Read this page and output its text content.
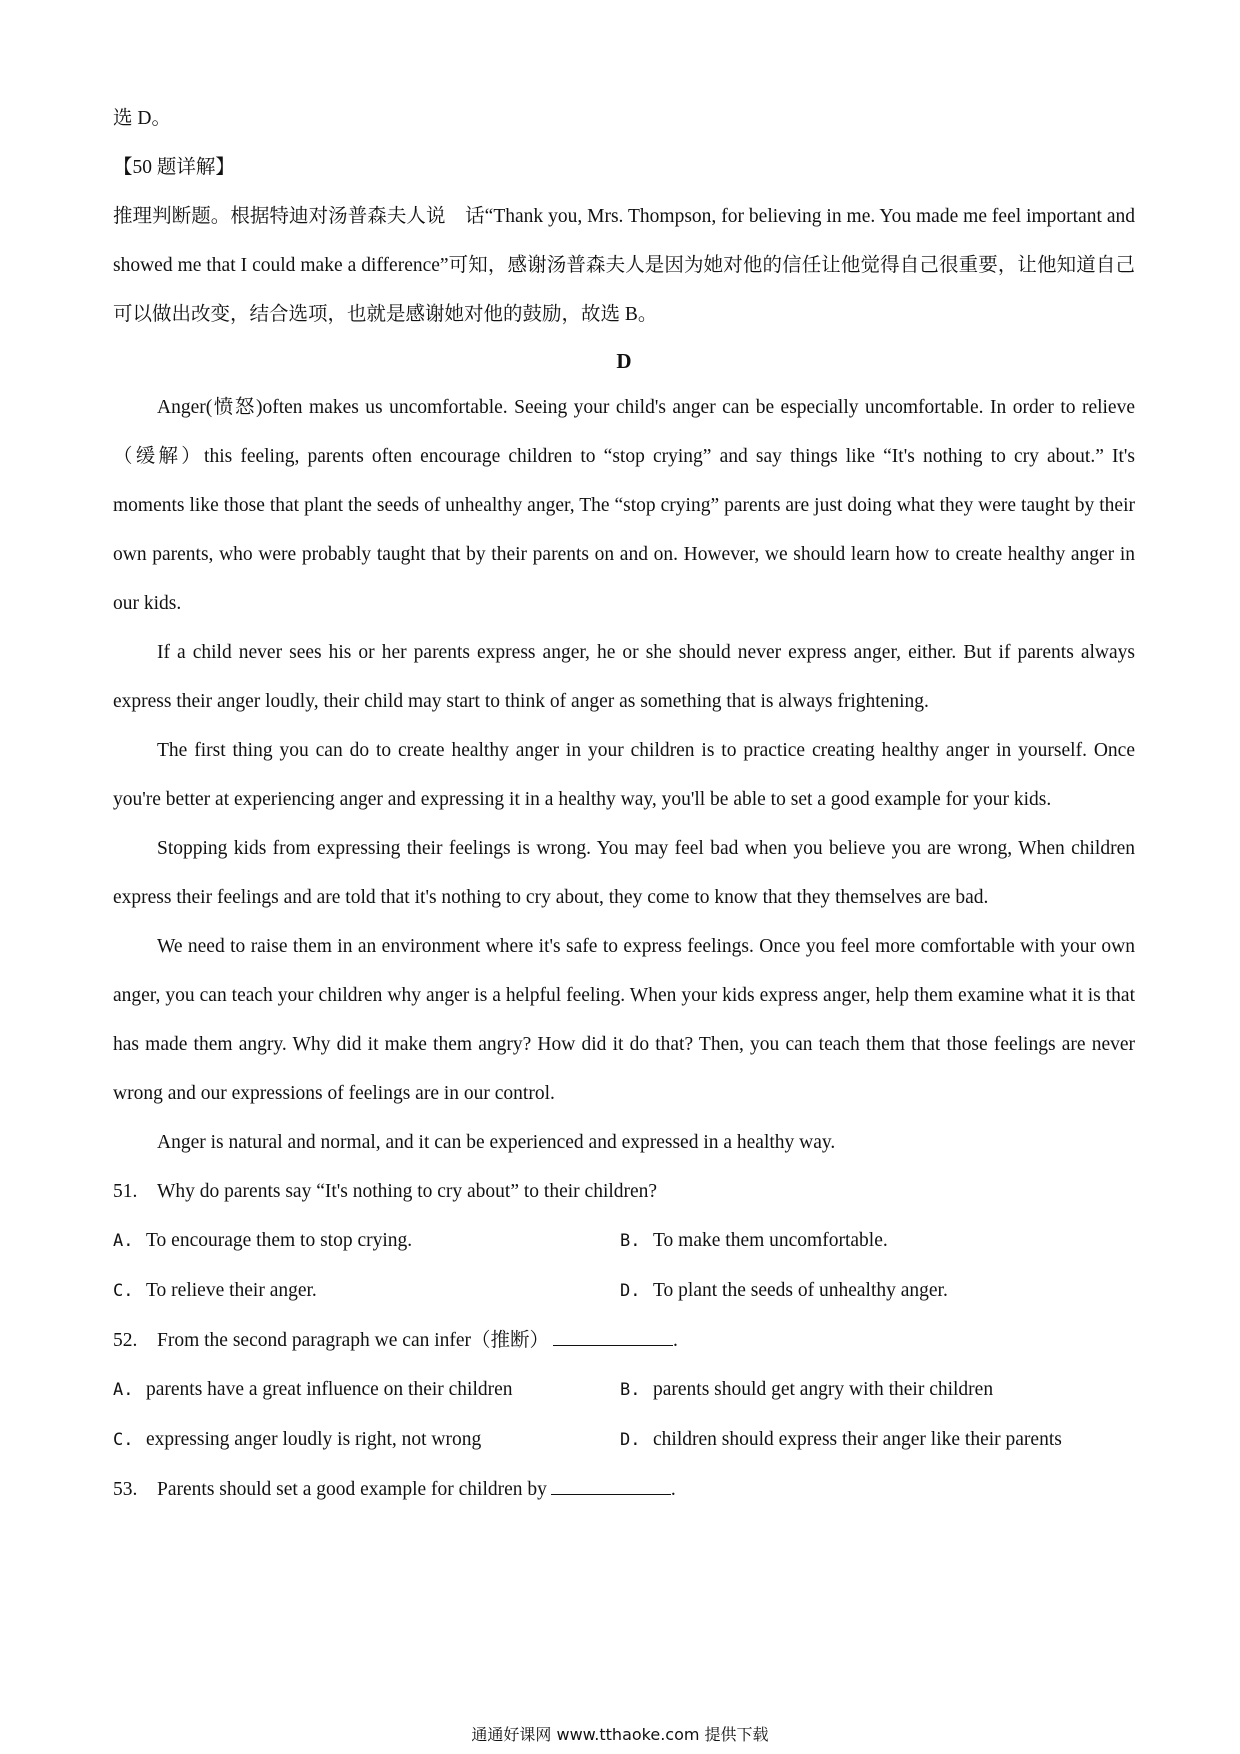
选 D。

【50 题详解】

推理判断题。根据特迪对汤普森夫人说　话“Thank you, Mrs. Thompson, for believing in me. You made me feel important and showed me that I could make a difference”可知，感谢汤普森夫人是因为她对他的信任让他觉得自己很重要，让他知道自己可以做出改变，结合选项，也就是感谢她对他的鼓励，故选 B。

D

Anger(愤怒)often makes us uncomfortable. Seeing your child's anger can be especially uncomfortable. In order to relieve（缓解）this feeling, parents often encourage children to “stop crying” and say things like “It's nothing to cry about.” It's moments like those that plant the seeds of unhealthy anger, The “stop crying” parents are just doing what they were taught by their own parents, who were probably taught that by their parents on and on. However, we should learn how to create healthy anger in our kids.

If a child never sees his or her parents express anger, he or she should never express anger, either. But if parents always express their anger loudly, their child may start to think of anger as something that is always frightening.

The first thing you can do to create healthy anger in your children is to practice creating healthy anger in yourself. Once you're better at experiencing anger and expressing it in a healthy way, you'll be able to set a good example for your kids.

Stopping kids from expressing their feelings is wrong. You may feel bad when you believe you are wrong, When children express their feelings and are told that it's nothing to cry about, they come to know that they themselves are bad.

We need to raise them in an environment where it's safe to express feelings. Once you feel more comfortable with your own anger, you can teach your children why anger is a helpful feeling. When your kids express anger, help them examine what it is that has made them angry. Why did it make them angry? How did it do that? Then, you can teach them that those feelings are never wrong and our expressions of feelings are in our control.

Anger is natural and normal, and it can be experienced and expressed in a healthy way.

51. Why do parents say “It's nothing to cry about” to their children?

A. To encourage them to stop crying.	B. To make them uncomfortable.
C. To relieve their anger.	D. To plant the seeds of unhealthy anger.

52. From the second paragraph we can infer（推断）	.

A. parents have a great influence on their children	B. parents should get angry with their children
C. expressing anger loudly is right, not wrong	D. children should express their anger like their parents

53. Parents should set a good example for children by	.

通通好课网 www.tthaoke.com 提供下载
